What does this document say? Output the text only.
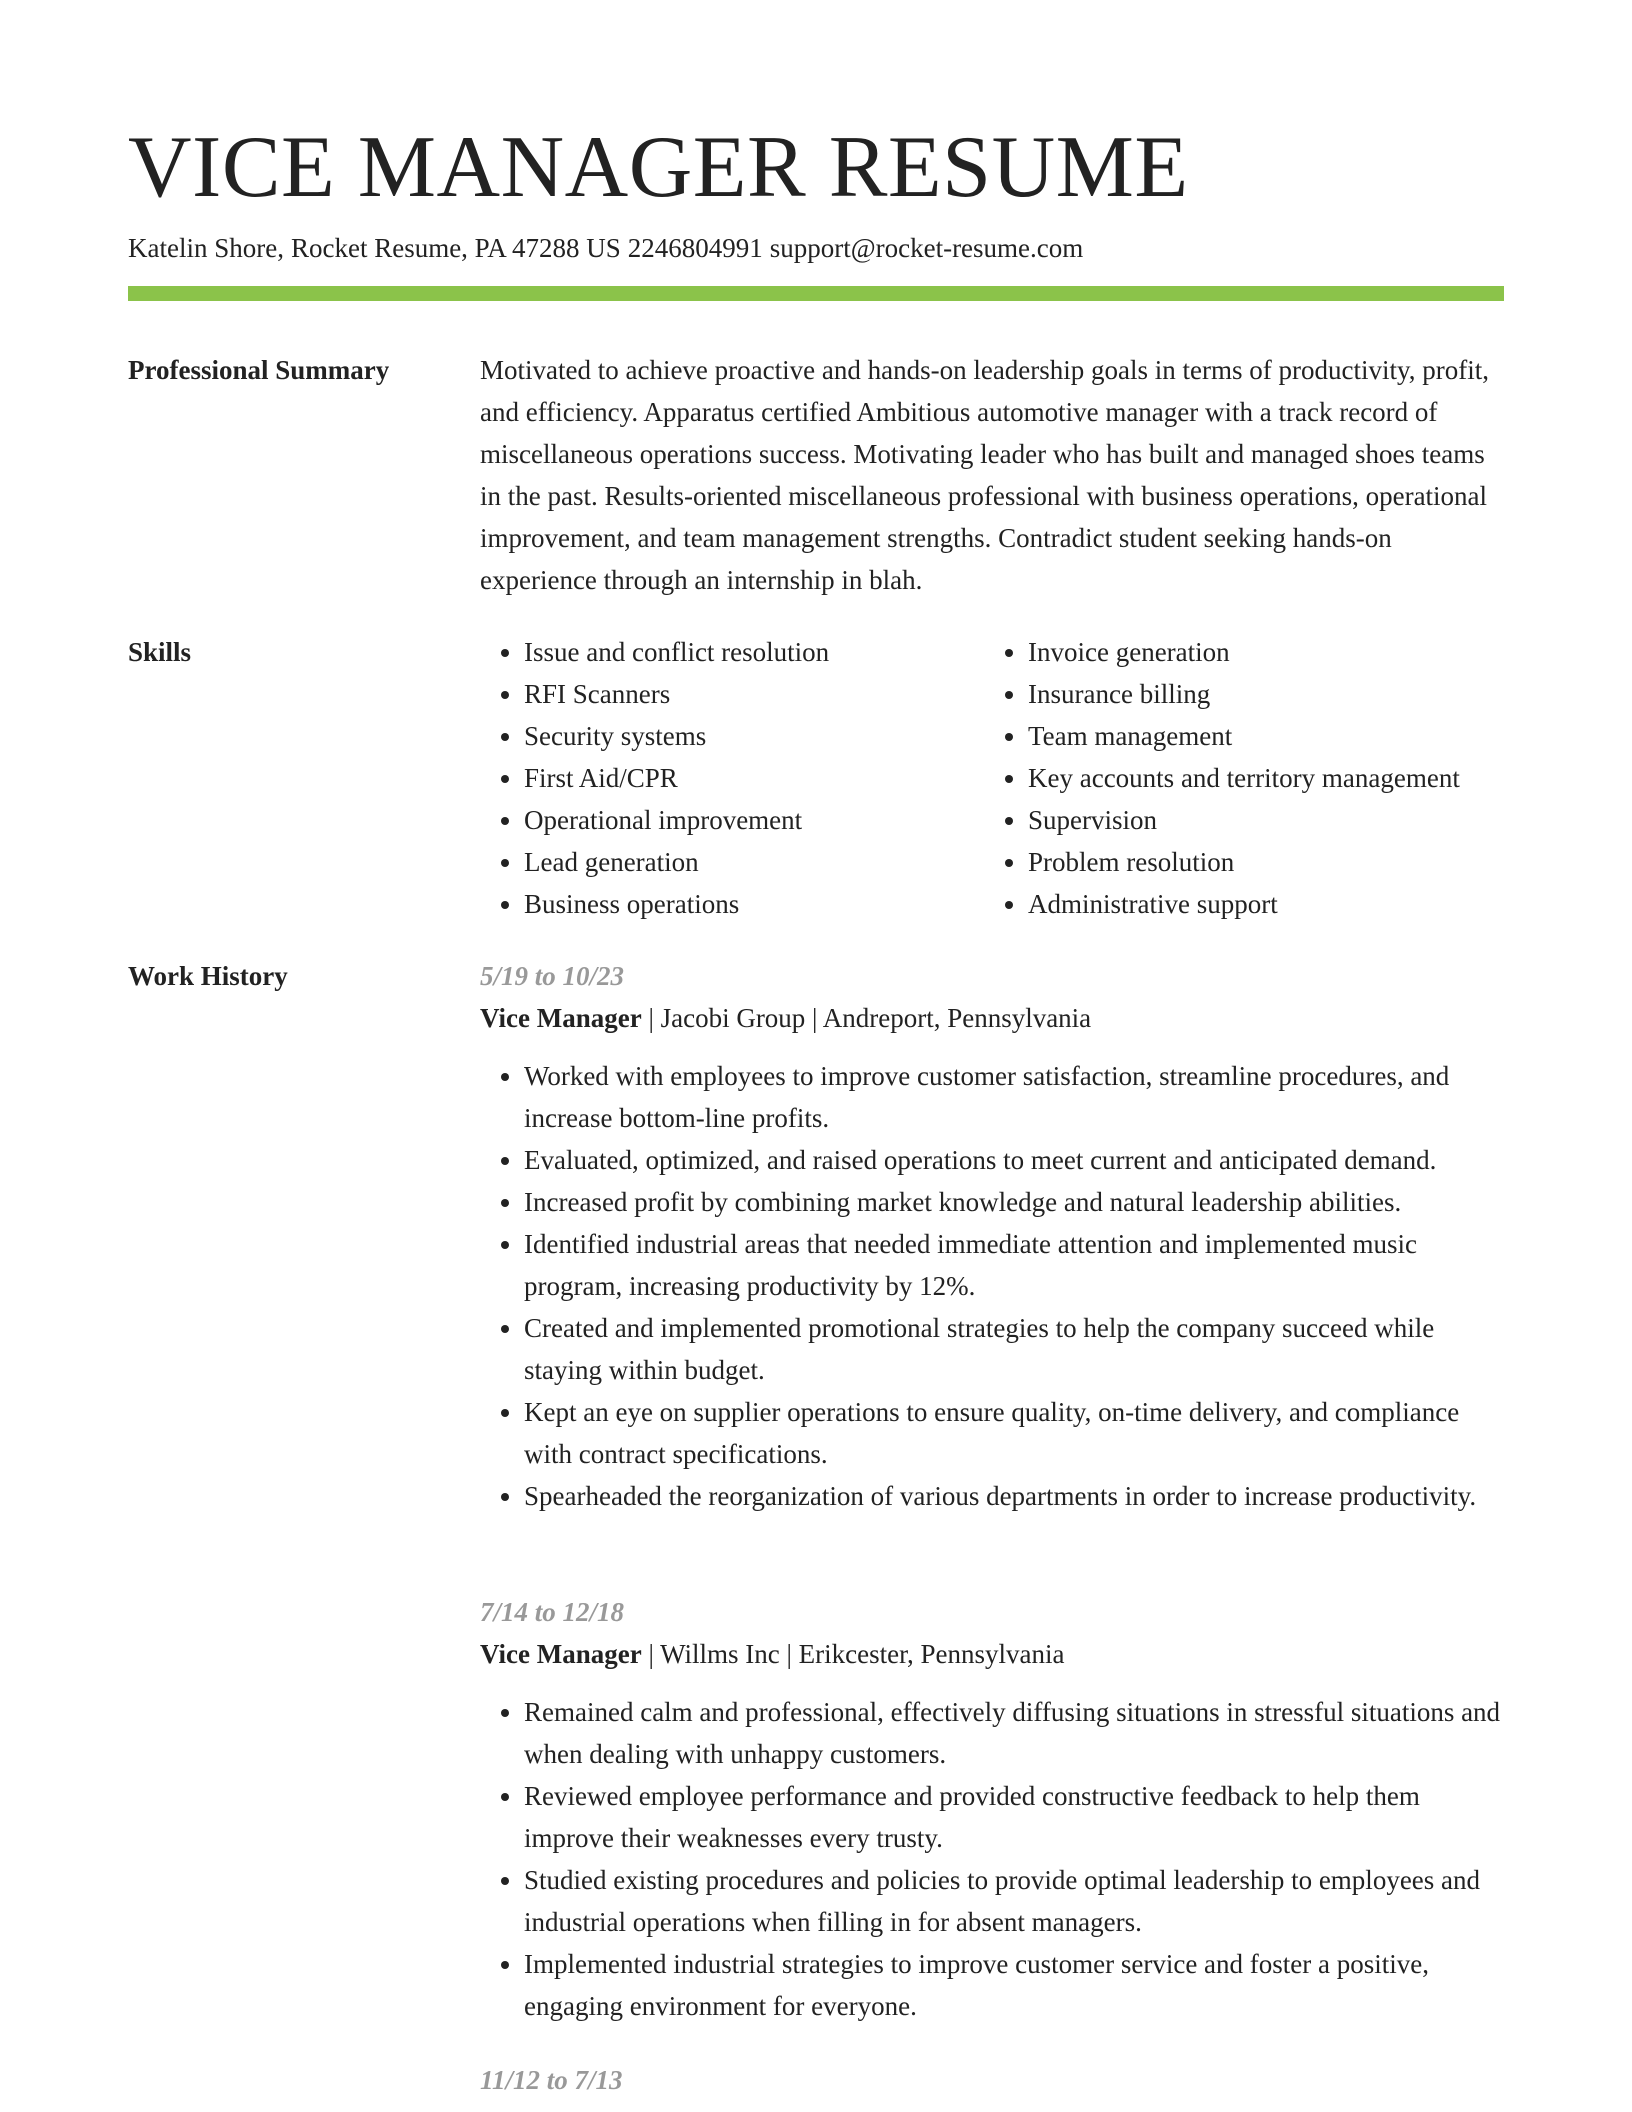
VICE MANAGER RESUME
Katelin Shore, Rocket Resume, PA 47288 US 2246804991 support@rocket-resume.com
Professional Summary	Motivated to achieve proactive and hands-on leadership goals in terms of productivity, profit, and efficiency. Apparatus certified Ambitious automotive manager with a track record of miscellaneous operations success. Motivating leader who has built and managed shoes teams in the past. Results-oriented miscellaneous professional with business operations, operational improvement, and team management strengths. Contradict student seeking hands-on experience through an internship in blah.

Skills
•	Issue and conflict resolution
• RFI Scanners
• Security systems
• First Aid/CPR
• Operational improvement
• Lead generation
• Business operations
• Invoice generation
• Insurance billing
• Team management
• Key accounts and territory management
• Supervision
• Problem resolution
• Administrative support
Work History	5/19 to 10/23
Vice Manager | Jacobi Group | Andreport, Pennsylvania
• Worked with employees to improve customer satisfaction, streamline procedures, and increase bottom-line profits.
• Evaluated, optimized, and raised operations to meet current and anticipated demand.
• Increased profit by combining market knowledge and natural leadership abilities.
• Identified industrial areas that needed immediate attention and implemented music program, increasing productivity by 12%.
• Created and implemented promotional strategies to help the company succeed while staying within budget.
• Kept an eye on supplier operations to ensure quality, on-time delivery, and compliance with contract specifications.
• Spearheaded the reorganization of various departments in order to increase productivity.
7/14 to 12/18
Vice Manager | Willms Inc | Erikcester, Pennsylvania
• Remained calm and professional, effectively diffusing situations in stressful situations and when dealing with unhappy customers.
• Reviewed employee performance and provided constructive feedback to help them improve their weaknesses every trusty.
• Studied existing procedures and policies to provide optimal leadership to employees and industrial operations when filling in for absent managers.
• Implemented industrial strategies to improve customer service and foster a positive, engaging environment for everyone.
11/12 to 7/13
